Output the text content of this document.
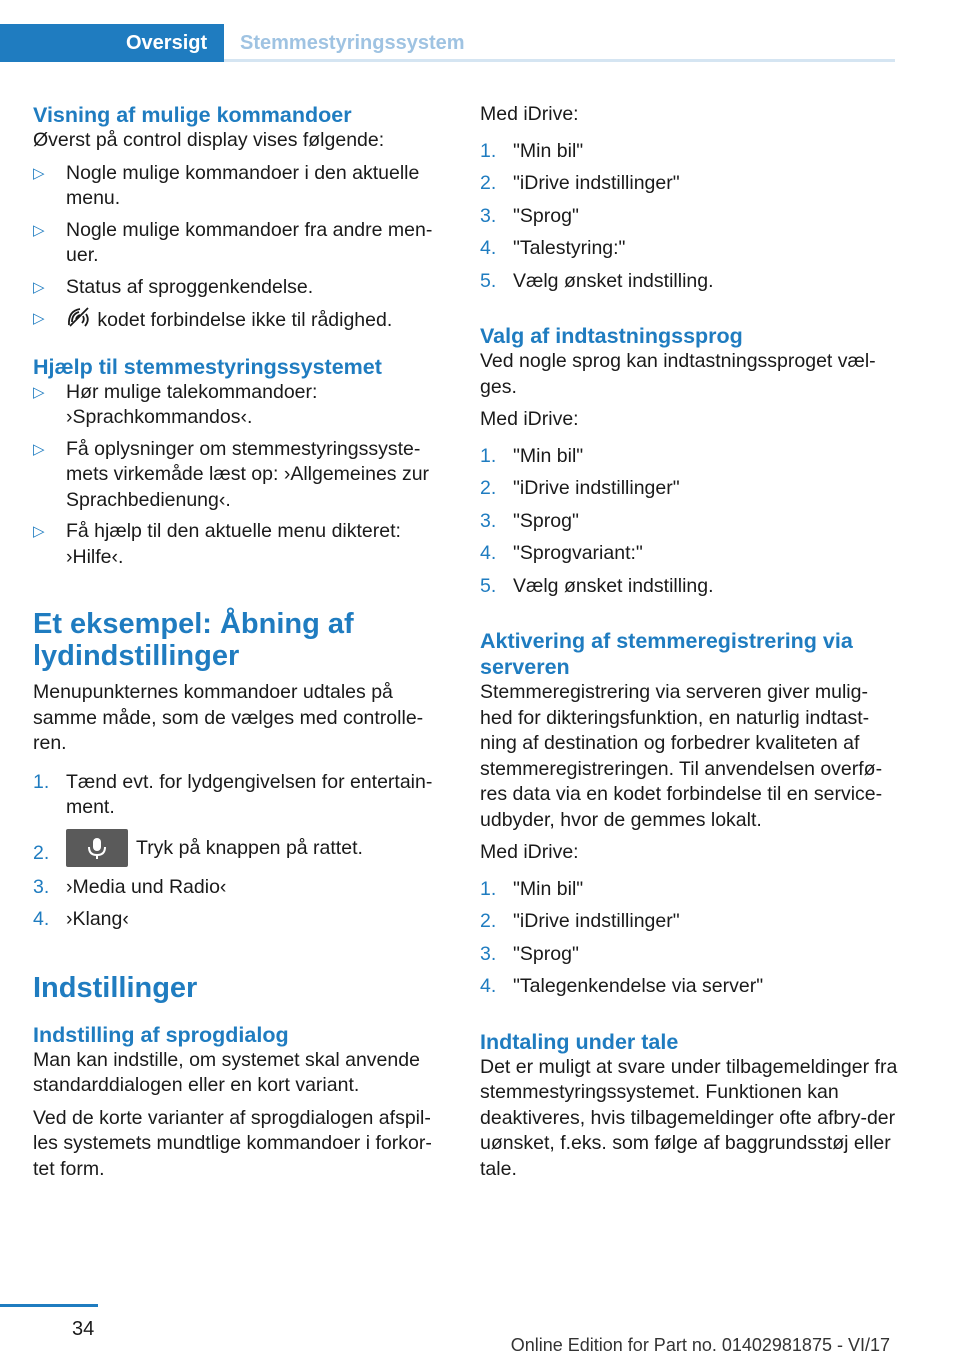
Oversigt	Stemmestyringssystem
Visning af mulige kommandoer

Øverst på control display vises følgende:

▷ Nogle mulige kommandoer i den aktuelle menu.
▷ Nogle mulige kommandoer fra andre men-uer.
▷ Status af sproggenkendelse.
▷	kodet forbindelse ikke til rådighed.
Hjælp til stemmestyringssystemet
▷ Hør mulige talekommandoer: ›Sprachkommandos‹.
▷ Få oplysninger om stemmestyringssyste-mets virkemåde læst op: ›Allgemeines zur Sprachbedienung‹.
▷ Få hjælp til den aktuelle menu dikteret: ›Hilfe‹.
Et eksempel: Åbning af lydindstillinger

Menupunkternes kommandoer udtales på samme måde, som de vælges med controlle-ren.

1. Tænd evt. for lydgengivelsen for entertain-ment.
2.	Tryk på knappen på rattet.
3. ›Media und Radio‹
4. ›Klang‹
Indstillinger
Indstilling af sprogdialog

Man kan indstille, om systemet skal anvende standarddialogen eller en kort variant.

Ved de korte varianter af sprogdialogen afspil-les systemets mundtlige kommandoer i forkor-tet form.

Med iDrive:

1. "Min bil"
2. "iDrive indstillinger"
3. "Sprog"
4. "Talestyring:"
5. Vælg ønsket indstilling.
Valg af indtastningssprog

Ved nogle sprog kan indtastningssproget væl-ges.

Med iDrive:

1. "Min bil"
2. "iDrive indstillinger"
3. "Sprog"
4. "Sprogvariant:"
5. Vælg ønsket indstilling.
Aktivering af stemmeregistrering via serveren

Stemmeregistrering via serveren giver mulig-hed for dikteringsfunktion, en naturlig indtast-ning af destination og forbedrer kvaliteten af stemmeregistreringen. Til anvendelsen overfø-res data via en kodet forbindelse til en service-udbyder, hvor de gemmes lokalt.

Med iDrive:

1. "Min bil"
2. "iDrive indstillinger"
3. "Sprog"
4. "Talegenkendelse via server"
Indtaling under tale

Det er muligt at svare under tilbagemeldinger fra stemmestyringssystemet. Funktionen kan deaktiveres, hvis tilbagemeldinger ofte afbry-der uønsket, f.eks. som følge af baggrundsstøj eller tale.

34
Online Edition for Part no. 01402981875 - VI/17
